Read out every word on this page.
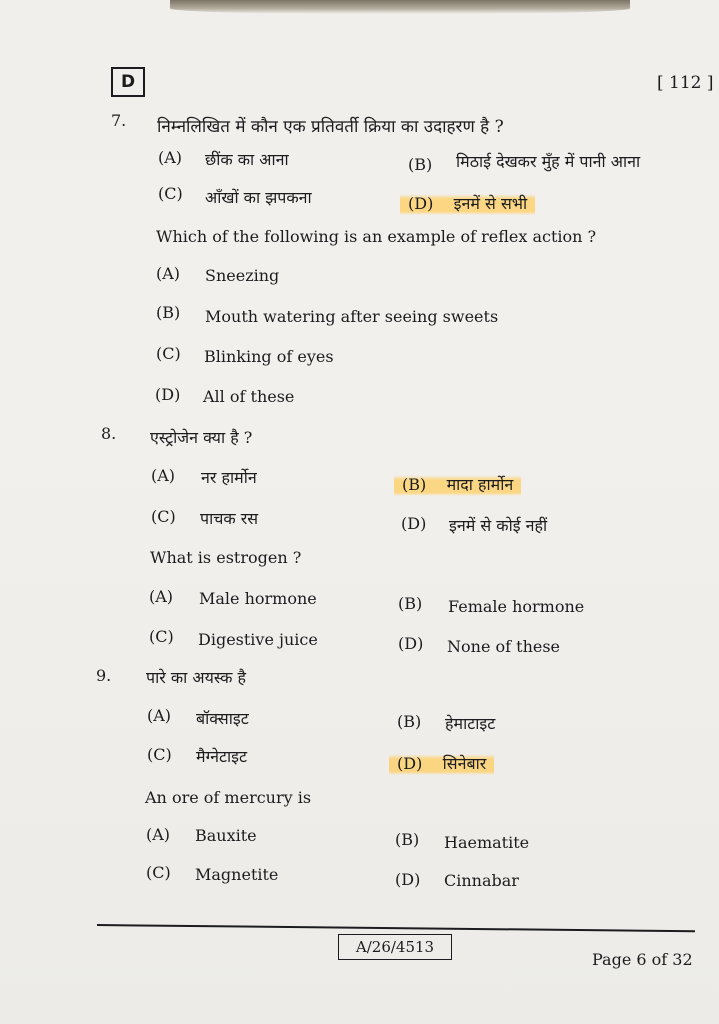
D	[ 112 ]
7. निम्नलिखित में कौन एक प्रतिवर्ती क्रिया का उदाहरण है ?
(A) छींक का आना	(B) मिठाई देखकर मुँह में पानी आना
(C) आँखों का झपकना	(D) इनमें से सभी
Which of the following is an example of reflex action ?
(A) Sneezing
(B) Mouth watering after seeing sweets
(C) Blinking of eyes
(D) All of these
8. एस्ट्रोजेन क्या है ?
(A) नर हार्मोन	(B) मादा हार्मोन
(C) पाचक रस	(D) इनमें से कोई नहीं
What is estrogen ?
(A) Male hormone	(B) Female hormone
(C) Digestive juice	(D) None of these
9. पारे का अयस्क है
(A) बॉक्साइट	(B) हेमाटाइट
(C) मैग्नेटाइट	(D) सिनेबार
An ore of mercury is
(A) Bauxite	(B) Haematite
(C) Magnetite	(D) Cinnabar
A/26/4513
Page 6 of 32
